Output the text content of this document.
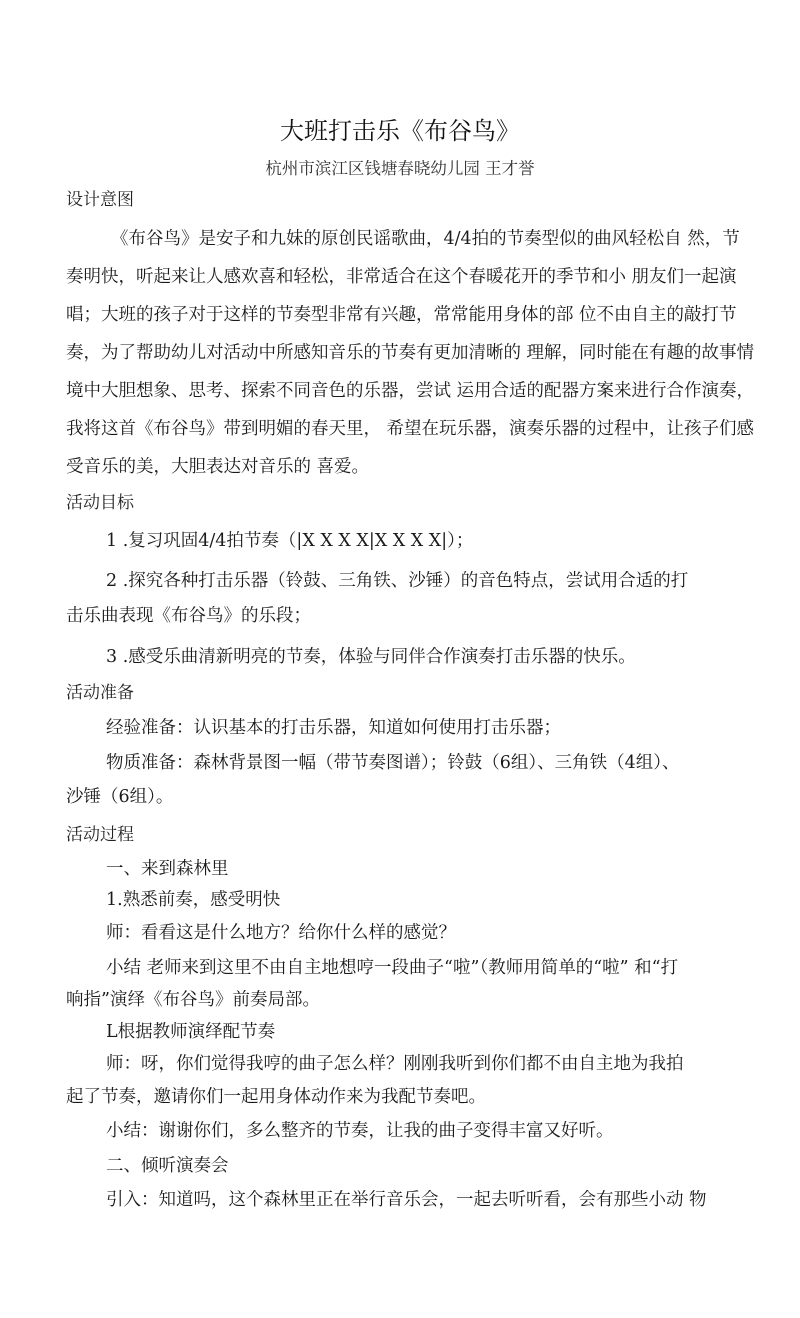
大班打击乐《布谷鸟》
杭州市滨江区钱塘春晓幼儿园 王才誉
设计意图
《布谷鸟》是安子和九妹的原创民谣歌曲，4/4拍的节奏型似的曲风轻松自 然，节
奏明快，听起来让人感欢喜和轻松，非常适合在这个春暖花开的季节和小 朋友们一起演
唱；大班的孩子对于这样的节奏型非常有兴趣，常常能用身体的部 位不由自主的敲打节
奏，为了帮助幼儿对活动中所感知音乐的节奏有更加清晰的 理解，同时能在有趣的故事情
境中大胆想象、思考、探索不同音色的乐器，尝试 运用合适的配器方案来进行合作演奏，
我将这首《布谷鸟》带到明媚的春天里， 希望在玩乐器，演奏乐器的过程中，让孩子们感
受音乐的美，大胆表达对音乐的 喜爱。
活动目标
1 .复习巩固4/4拍节奏（|X X X X|X X X X|）；
2 .探究各种打击乐器（铃鼓、三角铁、沙锤）的音色特点，尝试用合适的打
击乐曲表现《布谷鸟》的乐段；
3 .感受乐曲清新明亮的节奏，体验与同伴合作演奏打击乐器的快乐。
活动准备
经验准备：认识基本的打击乐器，知道如何使用打击乐器；
物质准备：森林背景图一幅（带节奏图谱）；铃鼓（6组）、三角铁（4组）、
沙锤（6组）。
活动过程
一、来到森林里
1.熟悉前奏，感受明快
师：看看这是什么地方？给你什么样的感觉？
小结 老师来到这里不由自主地想哼一段曲子“啦”（教师用简单的“啦” 和“打
响指”演绎《布谷鸟》前奏局部。
L根据教师演绎配节奏
师：呀，你们觉得我哼的曲子怎么样？刚刚我听到你们都不由自主地为我拍
起了节奏，邀请你们一起用身体动作来为我配节奏吧。
小结：谢谢你们，多么整齐的节奏，让我的曲子变得丰富又好听。
二、倾听演奏会
引入：知道吗，这个森林里正在举行音乐会，一起去听听看，会有那些小动 物
